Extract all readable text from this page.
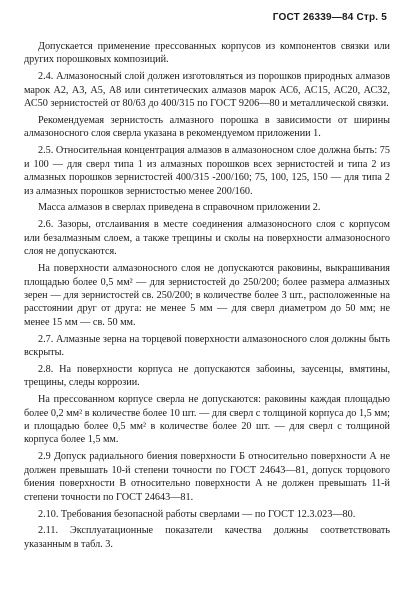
ГОСТ 26339—84 Стр. 5

Допускается применение прессованных корпусов из компонентов связки или других порошковых композиций.

2.4. Алмазоносный слой должен изготовляться из порошков природных алмазов марок А2, А3, А5, А8 или синтетических алмазов марок АС6, АС15, АС20, АС32, АС50 зернистостей от 80/63 до 400/315 по ГОСТ 9206—80 и металлической связки.

Рекомендуемая зернистость алмазного порошка в зависимости от ширины алмазоносного слоя сверла указана в рекомендуемом приложении 1.

2.5. Относительная концентрация алмазов в алмазоносном слое должна быть: 75 и 100 — для сверл типа 1 из алмазных порошков всех зернистостей и типа 2 из алмазных порошков зернистостей 400/315 -200/160; 75, 100, 125, 150 — для типа 2 из алмазных порошков зернистостью менее 200/160.

Масса алмазов в сверлах приведена в справочном приложении 2.

2.6. Зазоры, отслаивания в месте соединения алмазоносного слоя с корпусом или безалмазным слоем, а также трещины и сколы на поверхности алмазоносного слоя не допускаются.

На поверхности алмазоносного слоя не допускаются раковины, выкрашивания площадью более 0,5 мм² — для зернистостей до 250/200; более размера алмазных зерен — для зернистостей св. 250/200; в количестве более 3 шт., расположенные на расстоянии друг от друга: не менее 5 мм — для сверл диаметром до 50 мм; не менее 15 мм — св. 50 мм.

2.7. Алмазные зерна на торцевой поверхности алмазоносного слоя должны быть вскрыты.

2.8. На поверхности корпуса не допускаются забоины, заусенцы, вмятины, трещины, следы коррозии.

На прессованном корпусе сверла не допускаются: раковины каждая площадью более 0,2 мм² в количестве более 10 шт. — для сверл с толщиной корпуса до 1,5 мм; и площадью более 0,5 мм² в количестве более 20 шт. — для сверл с толщиной корпуса более 1,5 мм.

2.9 Допуск радиального биения поверхности Б относительно поверхности А не должен превышать 10-й степени точности по ГОСТ 24643—81, допуск торцового биения поверхности В относительно поверхности А не должен превышать 11-й степени точности по ГОСТ 24643—81.

2.10. Требования безопасной работы сверлами — по ГОСТ 12.3.023—80.

2.11. Эксплуатационные показатели качества должны соответствовать указанным в табл. 3.
